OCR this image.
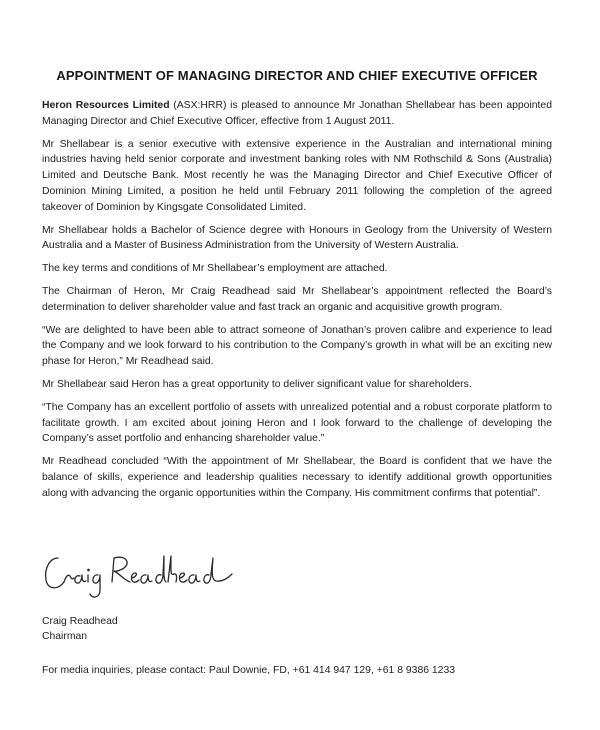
APPOINTMENT OF MANAGING DIRECTOR AND CHIEF EXECUTIVE OFFICER

Heron Resources Limited (ASX:HRR) is pleased to announce Mr Jonathan Shellabear has been appointed Managing Director and Chief Executive Officer, effective from 1 August 2011.

Mr Shellabear is a senior executive with extensive experience in the Australian and international mining industries having held senior corporate and investment banking roles with NM Rothschild & Sons (Australia) Limited and Deutsche Bank. Most recently he was the Managing Director and Chief Executive Officer of Dominion Mining Limited, a position he held until February 2011 following the completion of the agreed takeover of Dominion by Kingsgate Consolidated Limited.

Mr Shellabear holds a Bachelor of Science degree with Honours in Geology from the University of Western Australia and a Master of Business Administration from the University of Western Australia.

The key terms and conditions of Mr Shellabear’s employment are attached.

The Chairman of Heron, Mr Craig Readhead said Mr Shellabear’s appointment reflected the Board’s determination to deliver shareholder value and fast track an organic and acquisitive growth program.

“We are delighted to have been able to attract someone of Jonathan’s proven calibre and experience to lead the Company and we look forward to his contribution to the Company’s growth in what will be an exciting new phase for Heron,” Mr Readhead said.

Mr Shellabear said Heron has a great opportunity to deliver significant value for shareholders.

“The Company has an excellent portfolio of assets with unrealized potential and a robust corporate platform to facilitate growth. I am excited about joining Heron and I look forward to the challenge of developing the Company’s asset portfolio and enhancing shareholder value.”

Mr Readhead concluded “With the appointment of Mr Shellabear, the Board is confident that we have the balance of skills, experience and leadership qualities necessary to identify additional growth opportunities along with advancing the organic opportunities within the Company. His commitment confirms that potential”.

Craig Readhead
Chairman
For media inquiries, please contact: Paul Downie, FD, +61 414 947 129, +61 8 9386 1233
